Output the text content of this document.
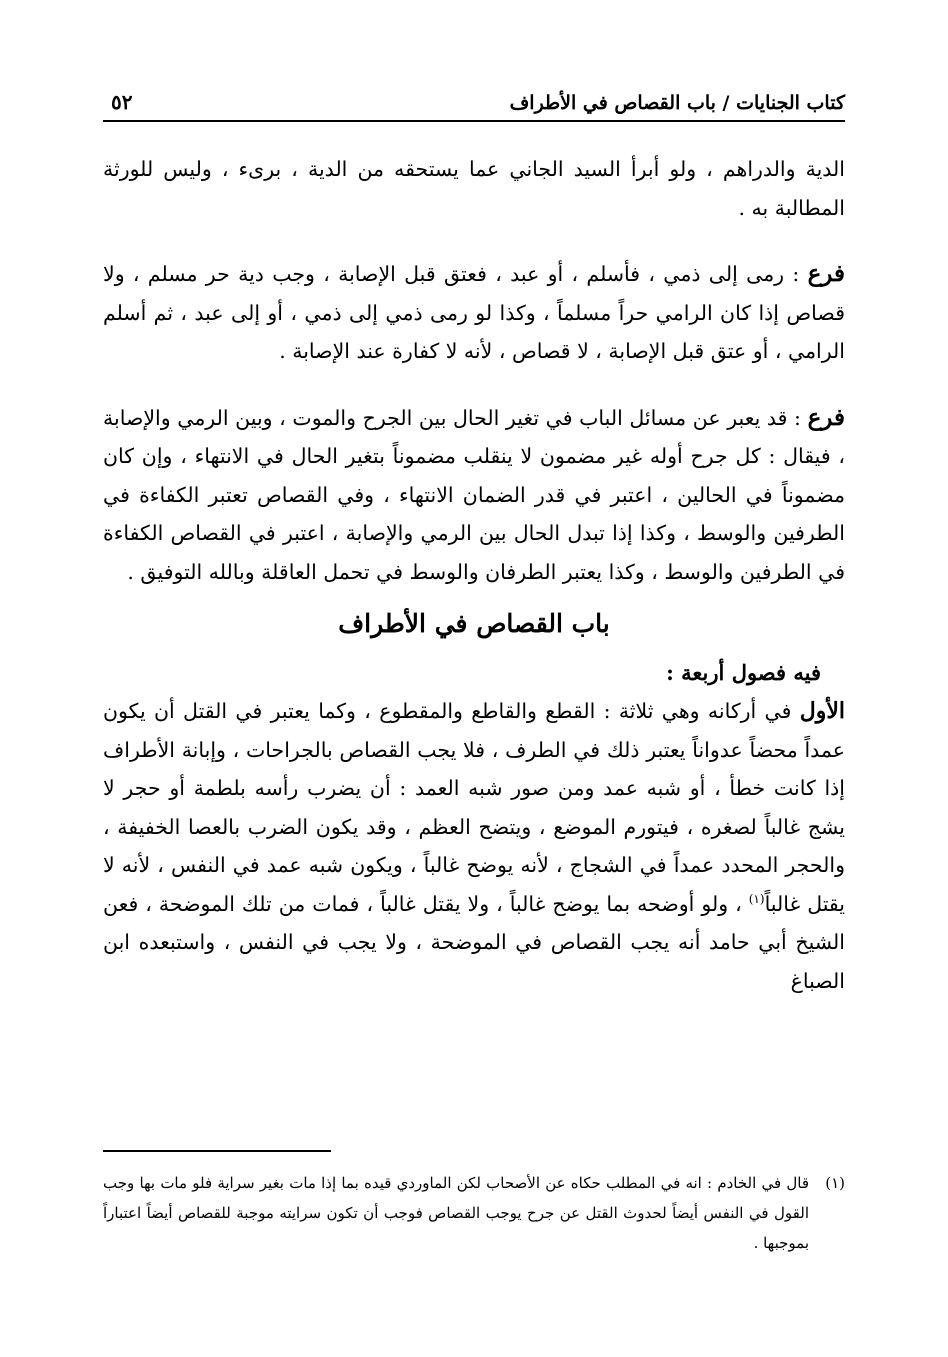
كتاب الجنايات / باب القصاص في الأطراف
٥٢

الدية والدراهم ، ولو أبرأ السيد الجاني عما يستحقه من الدية ، برىء ، وليس للورثة المطالبة به .

فرع : رمى إلى ذمي ، فأسلم ، أو عبد ، فعتق قبل الإصابة ، وجب دية حر مسلم ، ولا قصاص إذا كان الرامي حراً مسلماً ، وكذا لو رمى ذمي إلى ذمي ، أو إلى عبد ، ثم أسلم الرامي ، أو عتق قبل الإصابة ، لا قصاص ، لأنه لا كفارة عند الإصابة .

فرع : قد يعبر عن مسائل الباب في تغير الحال بين الجرح والموت ، وبين الرمي والإصابة ، فيقال : كل جرح أوله غير مضمون لا ينقلب مضموناً بتغير الحال في الانتهاء ، وإن كان مضموناً في الحالين ، اعتبر في قدر الضمان الانتهاء ، وفي القصاص تعتبر الكفاءة في الطرفين والوسط ، وكذا إذا تبدل الحال بين الرمي والإصابة ، اعتبر في القصاص الكفاءة في الطرفين والوسط ، وكذا يعتبر الطرفان والوسط في تحمل العاقلة وبالله التوفيق .

باب القصاص في الأطراف

فيه فصول أربعة :

الأول في أركانه وهي ثلاثة : القطع والقاطع والمقطوع ، وكما يعتبر في القتل أن يكون عمداً محضاً عدواناً يعتبر ذلك في الطرف ، فلا يجب القصاص بالجراحات ، وإبانة الأطراف إذا كانت خطأ ، أو شبه عمد ومن صور شبه العمد : أن يضرب رأسه بلطمة أو حجر لا يشج غالباً لصغره ، فيتورم الموضع ، ويتضح العظم ، وقد يكون الضرب بالعصا الخفيفة ، والحجر المحدد عمداً في الشجاج ، لأنه يوضح غالباً ، ويكون شبه عمد في النفس ، لأنه لا يقتل غالباً$^{(١)}$ ، ولو أوضحه بما يوضح غالباً ، ولا يقتل غالباً ، فمات من تلك الموضحة ، فعن الشيخ أبي حامد أنه يجب القصاص في الموضحة ، ولا يجب في النفس ، واستبعده ابن الصباغ

(١)
قال في الخادم : انه في المطلب حكاه عن الأصحاب لكن الماوردي قيده بما إذا مات بغير سراية فلو مات بها وجب القول في النفس أيضاً لحدوث القتل عن جرح يوجب القصاص فوجب أن تكون سرايته موجبة للقصاص أيضاً اعتباراً بموجبها .
